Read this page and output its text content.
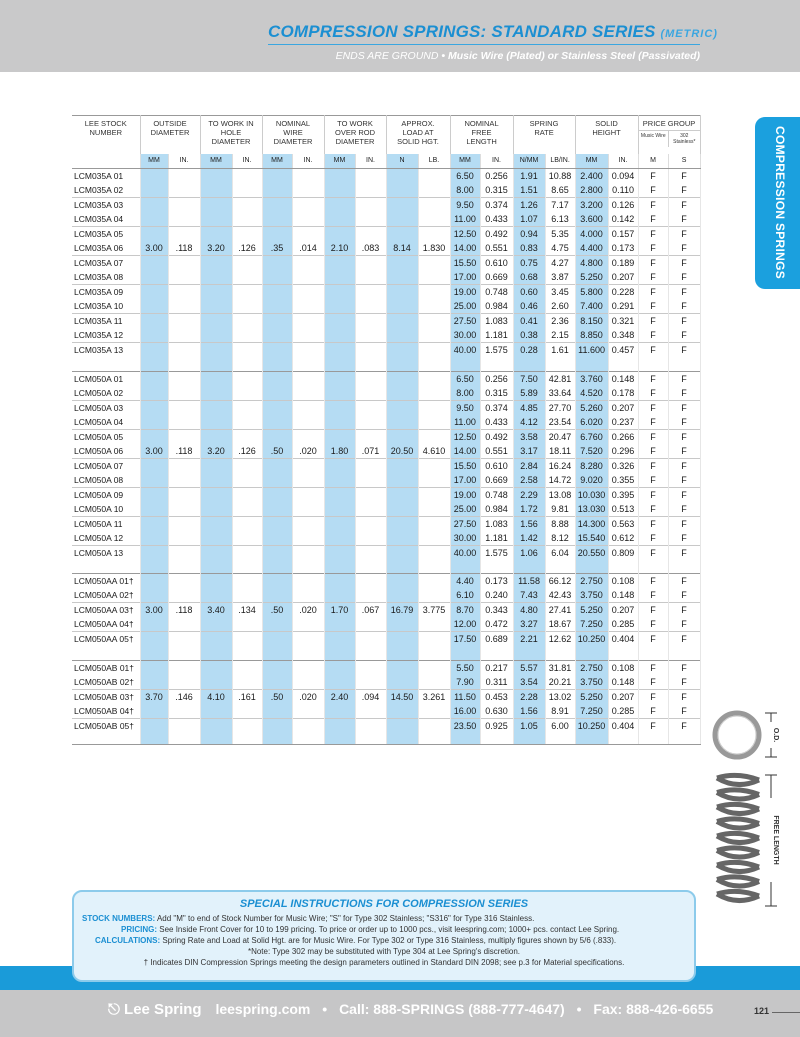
COMPRESSION SPRINGS: STANDARD SERIES (METRIC)
ENDS ARE GROUND • Music Wire (Plated) or Stainless Steel (Passivated)
COMPRESSION SPRINGS
LEE STOCK NUMBER	OUTSIDE DIAMETER		TO WORK IN HOLE DIAMETER		NOMINAL WIRE DIAMETER		TO WORK OVER ROD DIAMETER		APPROX. LOAD AT SOLID HGT.		NOMINAL FREE LENGTH		SPRING RATE		SOLID HEIGHT		PRICE GROUP
Music Wire 302 Stainless*	

	MM	IN.	MM	IN.	MM	IN.	MM	IN.	N	LB.	MM	IN.	N/MM	LB/IN.	MM	IN.	M	S
LCM035A 01											6.50	0.256	1.91	10.88	2.400	0.094	F	F
LCM035A 02											8.00	0.315	1.51	8.65	2.800	0.110	F	F
LCM035A 03											9.50	0.374	1.26	7.17	3.200	0.126	F	F
LCM035A 04											11.00	0.433	1.07	6.13	3.600	0.142	F	F
LCM035A 05											12.50	0.492	0.94	5.35	4.000	0.157	F	F
LCM035A 06	3.00	.118	3.20	.126	.35	.014	2.10	.083	8.14	1.830	14.00	0.551	0.83	4.75	4.400	0.173	F	F
LCM035A 07											15.50	0.610	0.75	4.27	4.800	0.189	F	F
LCM035A 08											17.00	0.669	0.68	3.87	5.250	0.207	F	F
LCM035A 09											19.00	0.748	0.60	3.45	5.800	0.228	F	F
LCM035A 10											25.00	0.984	0.46	2.60	7.400	0.291	F	F
LCM035A 11											27.50	1.083	0.41	2.36	8.150	0.321	F	F
LCM035A 12											30.00	1.181	0.38	2.15	8.850	0.348	F	F
LCM035A 13											40.00	1.575	0.28	1.61	11.600	0.457	F	F

LCM050A 01											6.50	0.256	7.50	42.81	3.760	0.148	F	F
LCM050A 02											8.00	0.315	5.89	33.64	4.520	0.178	F	F
LCM050A 03											9.50	0.374	4.85	27.70	5.260	0.207	F	F
LCM050A 04											11.00	0.433	4.12	23.54	6.020	0.237	F	F
LCM050A 05											12.50	0.492	3.58	20.47	6.760	0.266	F	F
LCM050A 06	3.00	.118	3.20	.126	.50	.020	1.80	.071	20.50	4.610	14.00	0.551	3.17	18.11	7.520	0.296	F	F
LCM050A 07											15.50	0.610	2.84	16.24	8.280	0.326	F	F
LCM050A 08											17.00	0.669	2.58	14.72	9.020	0.355	F	F
LCM050A 09											19.00	0.748	2.29	13.08	10.030	0.395	F	F
LCM050A 10											25.00	0.984	1.72	9.81	13.030	0.513	F	F
LCM050A 11											27.50	1.083	1.56	8.88	14.300	0.563	F	F
LCM050A 12											30.00	1.181	1.42	8.12	15.540	0.612	F	F
LCM050A 13											40.00	1.575	1.06	6.04	20.550	0.809	F	F

LCM050AA 01†											4.40	0.173	11.58	66.12	2.750	0.108	F	F
LCM050AA 02†											6.10	0.240	7.43	42.43	3.750	0.148	F	F
LCM050AA 03†	3.00	.118	3.40	.134	.50	.020	1.70	.067	16.79	3.775	8.70	0.343	4.80	27.41	5.250	0.207	F	F
LCM050AA 04†											12.00	0.472	3.27	18.67	7.250	0.285	F	F
LCM050AA 05†											17.50	0.689	2.21	12.62	10.250	0.404	F	F

LCM050AB 01†											5.50	0.217	5.57	31.81	2.750	0.108	F	F
LCM050AB 02†											7.90	0.311	3.54	20.21	3.750	0.148	F	F
LCM050AB 03†	3.70	.146	4.10	.161	.50	.020	2.40	.094	14.50	3.261	11.50	0.453	2.28	13.02	5.250	0.207	F	F
LCM050AB 04†											16.00	0.630	1.56	8.91	7.250	0.285	F	F
LCM050AB 05†											23.50	0.925	1.05	6.00	10.250	0.404	F	F

O.D.
FREE LENGTH
SPECIAL INSTRUCTIONS FOR COMPRESSION SERIES
STOCK NUMBERS: Add "M" to end of Stock Number for Music Wire; "S" for Type 302 Stainless; "S316" for Type 316 Stainless.
PRICING: See Inside Front Cover for 10 to 199 pricing. To price or order up to 1000 pcs., visit leespring.com; 1000+ pcs. contact Lee Spring.
CALCULATIONS: Spring Rate and Load at Solid Hgt. are for Music Wire. For Type 302 or Type 316 Stainless, multiply figures shown by 5/6 (.833).
*Note: Type 302 may be substituted with Type 304 at Lee Spring's discretion.
† Indicates DIN Compression Springs meeting the design parameters outlined in Standard DIN 2098; see p.3 for Material specifications.
⎋ Lee Spring leespring.com • Call: 888-SPRINGS (888-777-4647) • Fax: 888-426-6655	121
